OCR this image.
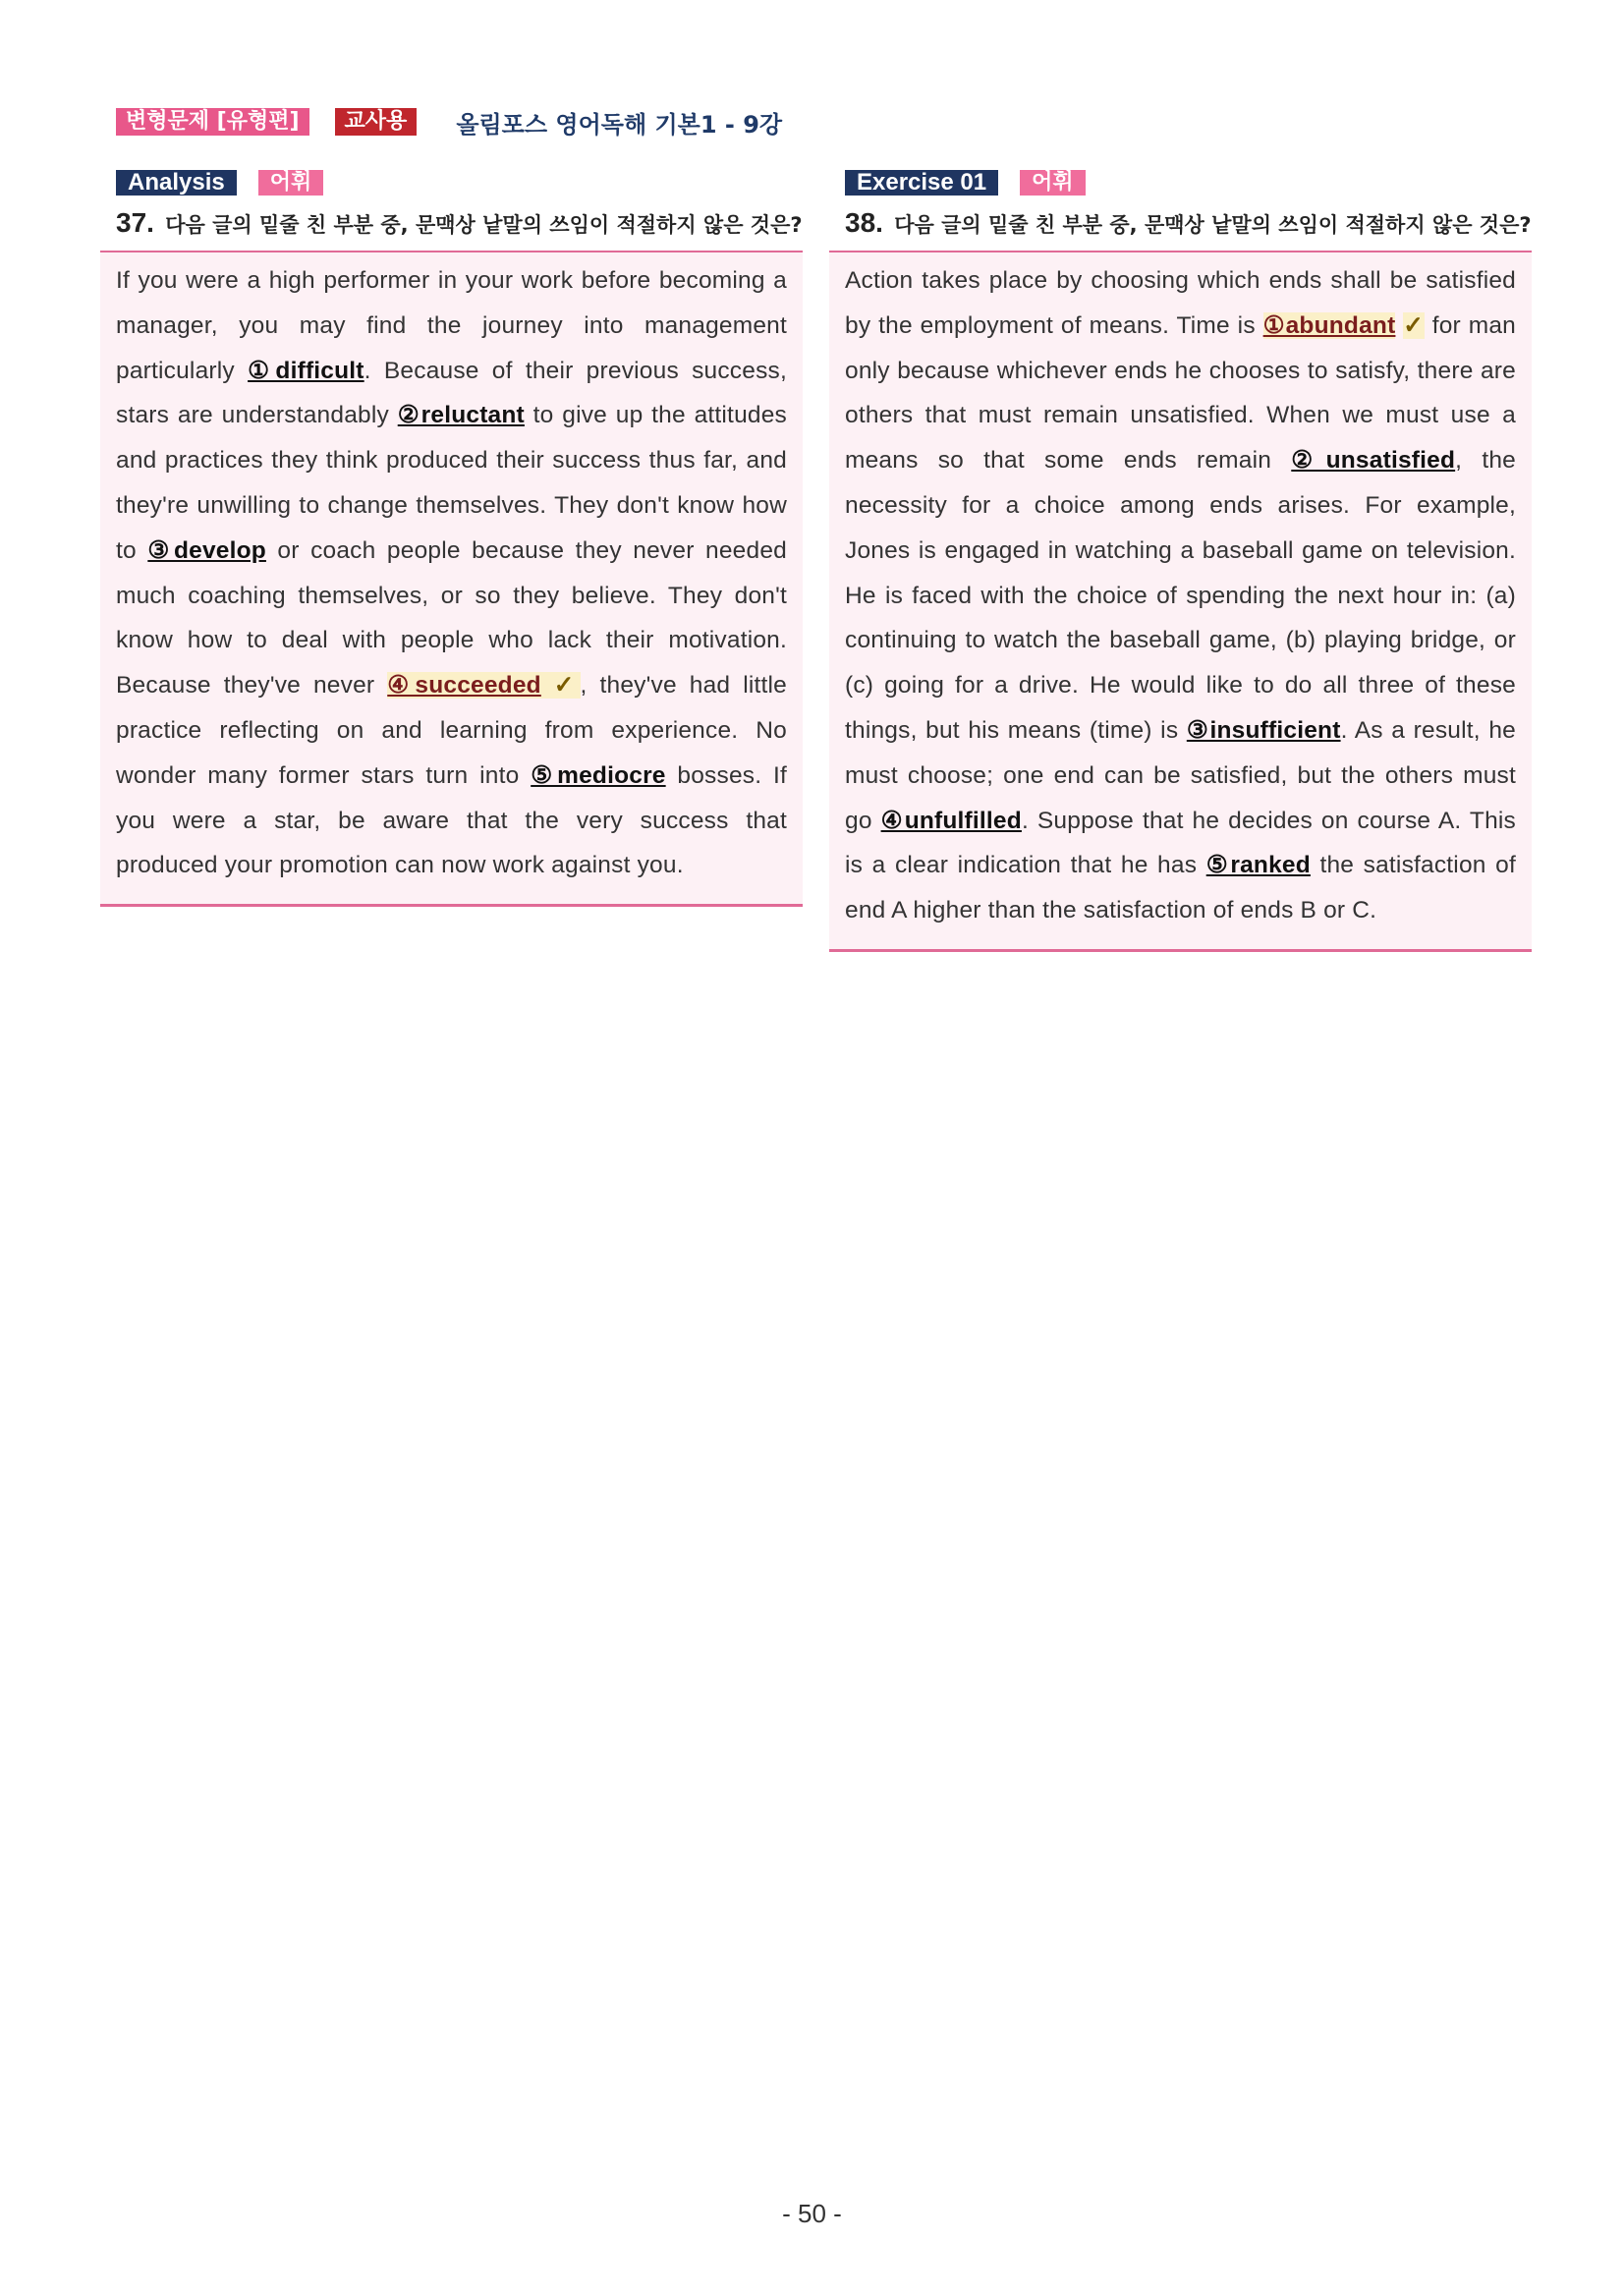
변형문제 [유형편]	교사용	올림포스 영어독해 기본1 - 9강
Analysis	어휘
37. 다음 글의 밑줄 친 부분 중, 문맥상 낱말의 쓰임이 적절하지 않은 것은?
If you were a high performer in your work before becoming a manager, you may find the journey into management particularly ①difficult. Because of their previous success, stars are understandably ②reluctant to give up the attitudes and practices they think produced their success thus far, and they're unwilling to change themselves. They don't know how to ③develop or coach people because they never needed much coaching themselves, or so they believe. They don't know how to deal with people who lack their motivation. Because they've never ④succeeded ✓, they've had little practice reflecting on and learning from experience. No wonder many former stars turn into ⑤mediocre bosses. If you were a star, be aware that the very success that produced your promotion can now work against you.
Exercise 01	어휘
38. 다음 글의 밑줄 친 부분 중, 문맥상 낱말의 쓰임이 적절하지 않은 것은?
Action takes place by choosing which ends shall be satisfied by the employment of means. Time is ①abundant ✓ for man only because whichever ends he chooses to satisfy, there are others that must remain unsatisfied. When we must use a means so that some ends remain ②unsatisfied, the necessity for a choice among ends arises. For example, Jones is engaged in watching a baseball game on television. He is faced with the choice of spending the next hour in: (a) continuing to watch the baseball game, (b) playing bridge, or (c) going for a drive. He would like to do all three of these things, but his means (time) is ③insufficient. As a result, he must choose; one end can be satisfied, but the others must go ④unfulfilled. Suppose that he decides on course A. This is a clear indication that he has ⑤ranked the satisfaction of end A higher than the satisfaction of ends B or C.
- 50 -
